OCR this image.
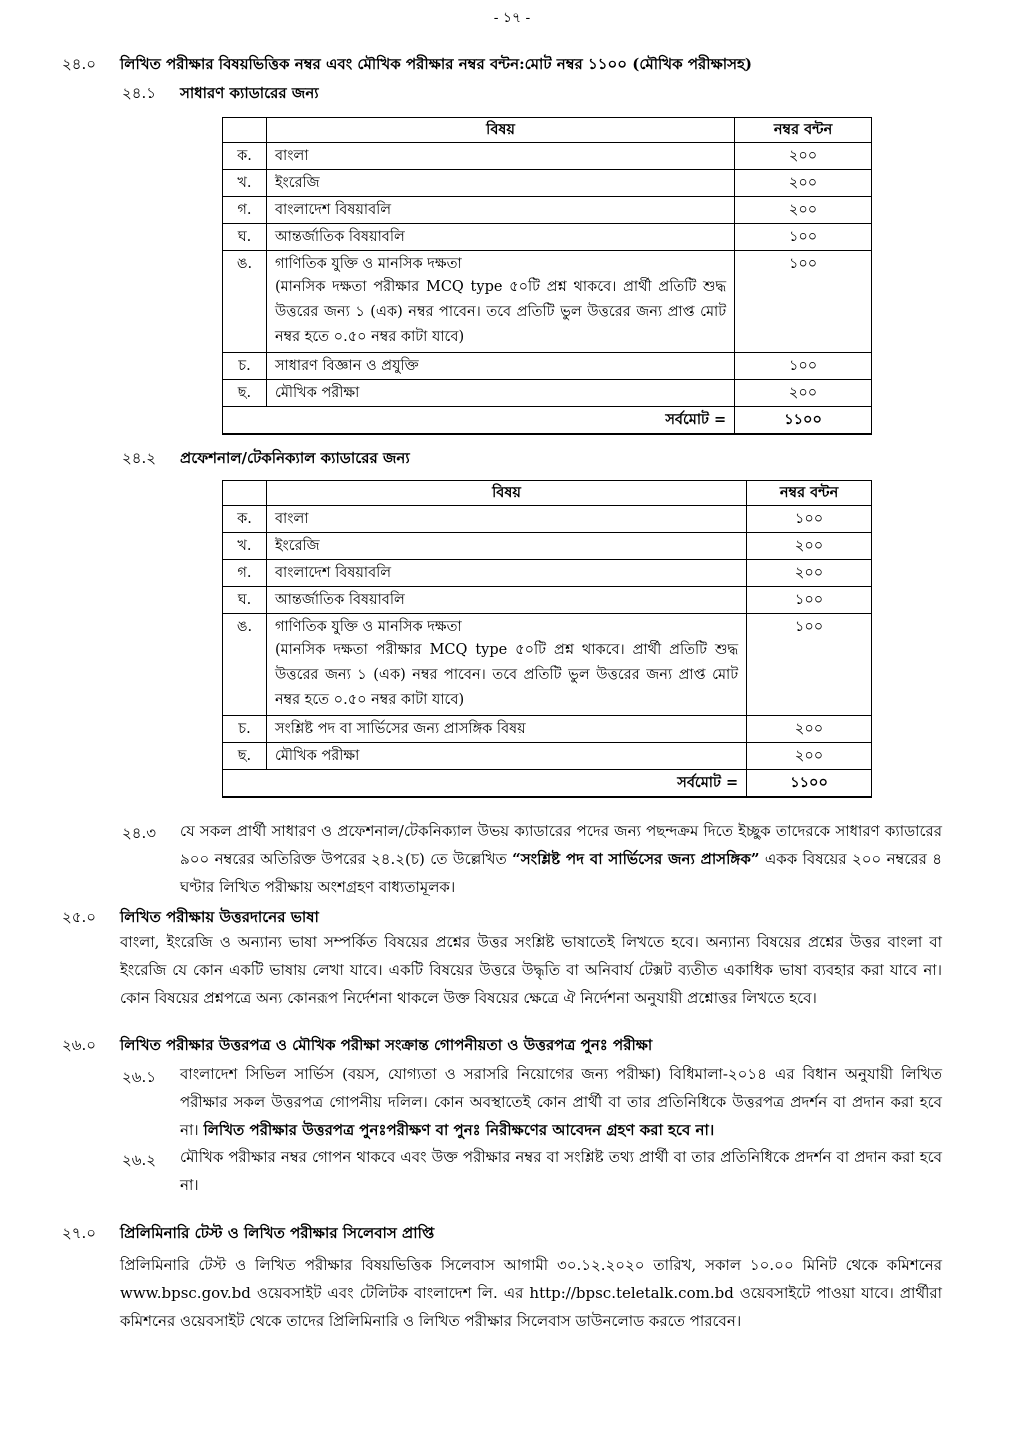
- ১৭ -
২৪.০ লিখিত পরীক্ষার বিষয়ভিত্তিক নম্বর এবং মৌখিক পরীক্ষার নম্বর বন্টন:মোট নম্বর ১১০০ (মৌখিক পরীক্ষাসহ)
২৪.১ সাধারণ ক্যাডারের জন্য
	বিষয়	নম্বর বন্টন
ক.	বাংলা	২০০
খ.	ইংরেজি	২০০
গ.	বাংলাদেশ বিষয়াবলি	২০০
ঘ.	আন্তর্জাতিক বিষয়াবলি	১০০
ঙ.	গাণিতিক যুক্তি ও মানসিক দক্ষতা
(মানসিক দক্ষতা পরীক্ষার MCQ type ৫০টি প্রশ্ন থাকবে। প্রার্থী প্রতিটি শুদ্ধ উত্তরের জন্য ১ (এক) নম্বর পাবেন। তবে প্রতিটি ভুল উত্তরের জন্য প্রাপ্ত মোট নম্বর হতে ০.৫০ নম্বর কাটা যাবে)	১০০
চ.	সাধারণ বিজ্ঞান ও প্রযুক্তি	১০০
ছ.	মৌখিক পরীক্ষা	২০০
সর্বমোট =		১১০০
২৪.২ প্রফেশনাল/টেকনিক্যাল ক্যাডারের জন্য
	বিষয়	নম্বর বন্টন
ক.	বাংলা	১০০
খ.	ইংরেজি	২০০
গ.	বাংলাদেশ বিষয়াবলি	২০০
ঘ.	আন্তর্জাতিক বিষয়াবলি	১০০
ঙ.	গাণিতিক যুক্তি ও মানসিক দক্ষতা
(মানসিক দক্ষতা পরীক্ষার MCQ type ৫০টি প্রশ্ন থাকবে। প্রার্থী প্রতিটি শুদ্ধ উত্তরের জন্য ১ (এক) নম্বর পাবেন। তবে প্রতিটি ভুল উত্তরের জন্য প্রাপ্ত মোট নম্বর হতে ০.৫০ নম্বর কাটা যাবে)	১০০
চ.	সংশ্লিষ্ট পদ বা সার্ভিসের জন্য প্রাসঙ্গিক বিষয়	২০০
ছ.	মৌখিক পরীক্ষা	২০০
সর্বমোট =		১১০০
২৪.৩ যে সকল প্রার্থী সাধারণ ও প্রফেশনাল/টেকনিক্যাল উভয় ক্যাডারের পদের জন্য পছন্দক্রম দিতে ইচ্ছুক তাদেরকে সাধারণ ক্যাডারের ৯০০ নম্বরের অতিরিক্ত উপরের ২৪.২(চ) তে উল্লেখিত “সংশ্লিষ্ট পদ বা সার্ভিসের জন্য প্রাসঙ্গিক” একক বিষয়ের ২০০ নম্বরের ৪ ঘণ্টার লিখিত পরীক্ষায় অংশগ্রহণ বাধ্যতামূলক।
২৫.০ লিখিত পরীক্ষায় উত্তরদানের ভাষা
বাংলা, ইংরেজি ও অন্যান্য ভাষা সম্পর্কিত বিষয়ের প্রশ্নের উত্তর সংশ্লিষ্ট ভাষাতেই লিখতে হবে। অন্যান্য বিষয়ের প্রশ্নের উত্তর বাংলা বা ইংরেজি যে কোন একটি ভাষায় লেখা যাবে। একটি বিষয়ের উত্তরে উদ্ধৃতি বা অনিবার্য টেক্সট ব্যতীত একাধিক ভাষা ব্যবহার করা যাবে না। কোন বিষয়ের প্রশ্নপত্রে অন্য কোনরূপ নির্দেশনা থাকলে উক্ত বিষয়ের ক্ষেত্রে ঐ নির্দেশনা অনুযায়ী প্রশ্নোত্তর লিখতে হবে।
২৬.০ লিখিত পরীক্ষার উত্তরপত্র ও মৌখিক পরীক্ষা সংক্রান্ত গোপনীয়তা ও উত্তরপত্র পুনঃ পরীক্ষা
২৬.১ বাংলাদেশ সিভিল সার্ভিস (বয়স, যোগ্যতা ও সরাসরি নিয়োগের জন্য পরীক্ষা) বিধিমালা-২০১৪ এর বিধান অনুযায়ী লিখিত পরীক্ষার সকল উত্তরপত্র গোপনীয় দলিল। কোন অবস্থাতেই কোন প্রার্থী বা তার প্রতিনিধিকে উত্তরপত্র প্রদর্শন বা প্রদান করা হবে না। লিখিত পরীক্ষার উত্তরপত্র পুনঃপরীক্ষণ বা পুনঃ নিরীক্ষণের আবেদন গ্রহণ করা হবে না।
২৬.২ মৌখিক পরীক্ষার নম্বর গোপন থাকবে এবং উক্ত পরীক্ষার নম্বর বা সংশ্লিষ্ট তথ্য প্রার্থী বা তার প্রতিনিধিকে প্রদর্শন বা প্রদান করা হবে না।
২৭.০ প্রিলিমিনারি টেস্ট ও লিখিত পরীক্ষার সিলেবাস প্রাপ্তি
প্রিলিমিনারি টেস্ট ও লিখিত পরীক্ষার বিষয়ভিত্তিক সিলেবাস আগামী ৩০.১২.২০২০ তারিখ, সকাল ১০.০০ মিনিট থেকে কমিশনের www.bpsc.gov.bd ওয়েবসাইট এবং টেলিটক বাংলাদেশ লি. এর http://bpsc.teletalk.com.bd ওয়েবসাইটে পাওয়া যাবে। প্রার্থীরা কমিশনের ওয়েবসাইট থেকে তাদের প্রিলিমিনারি ও লিখিত পরীক্ষার সিলেবাস ডাউনলোড করতে পারবেন।
